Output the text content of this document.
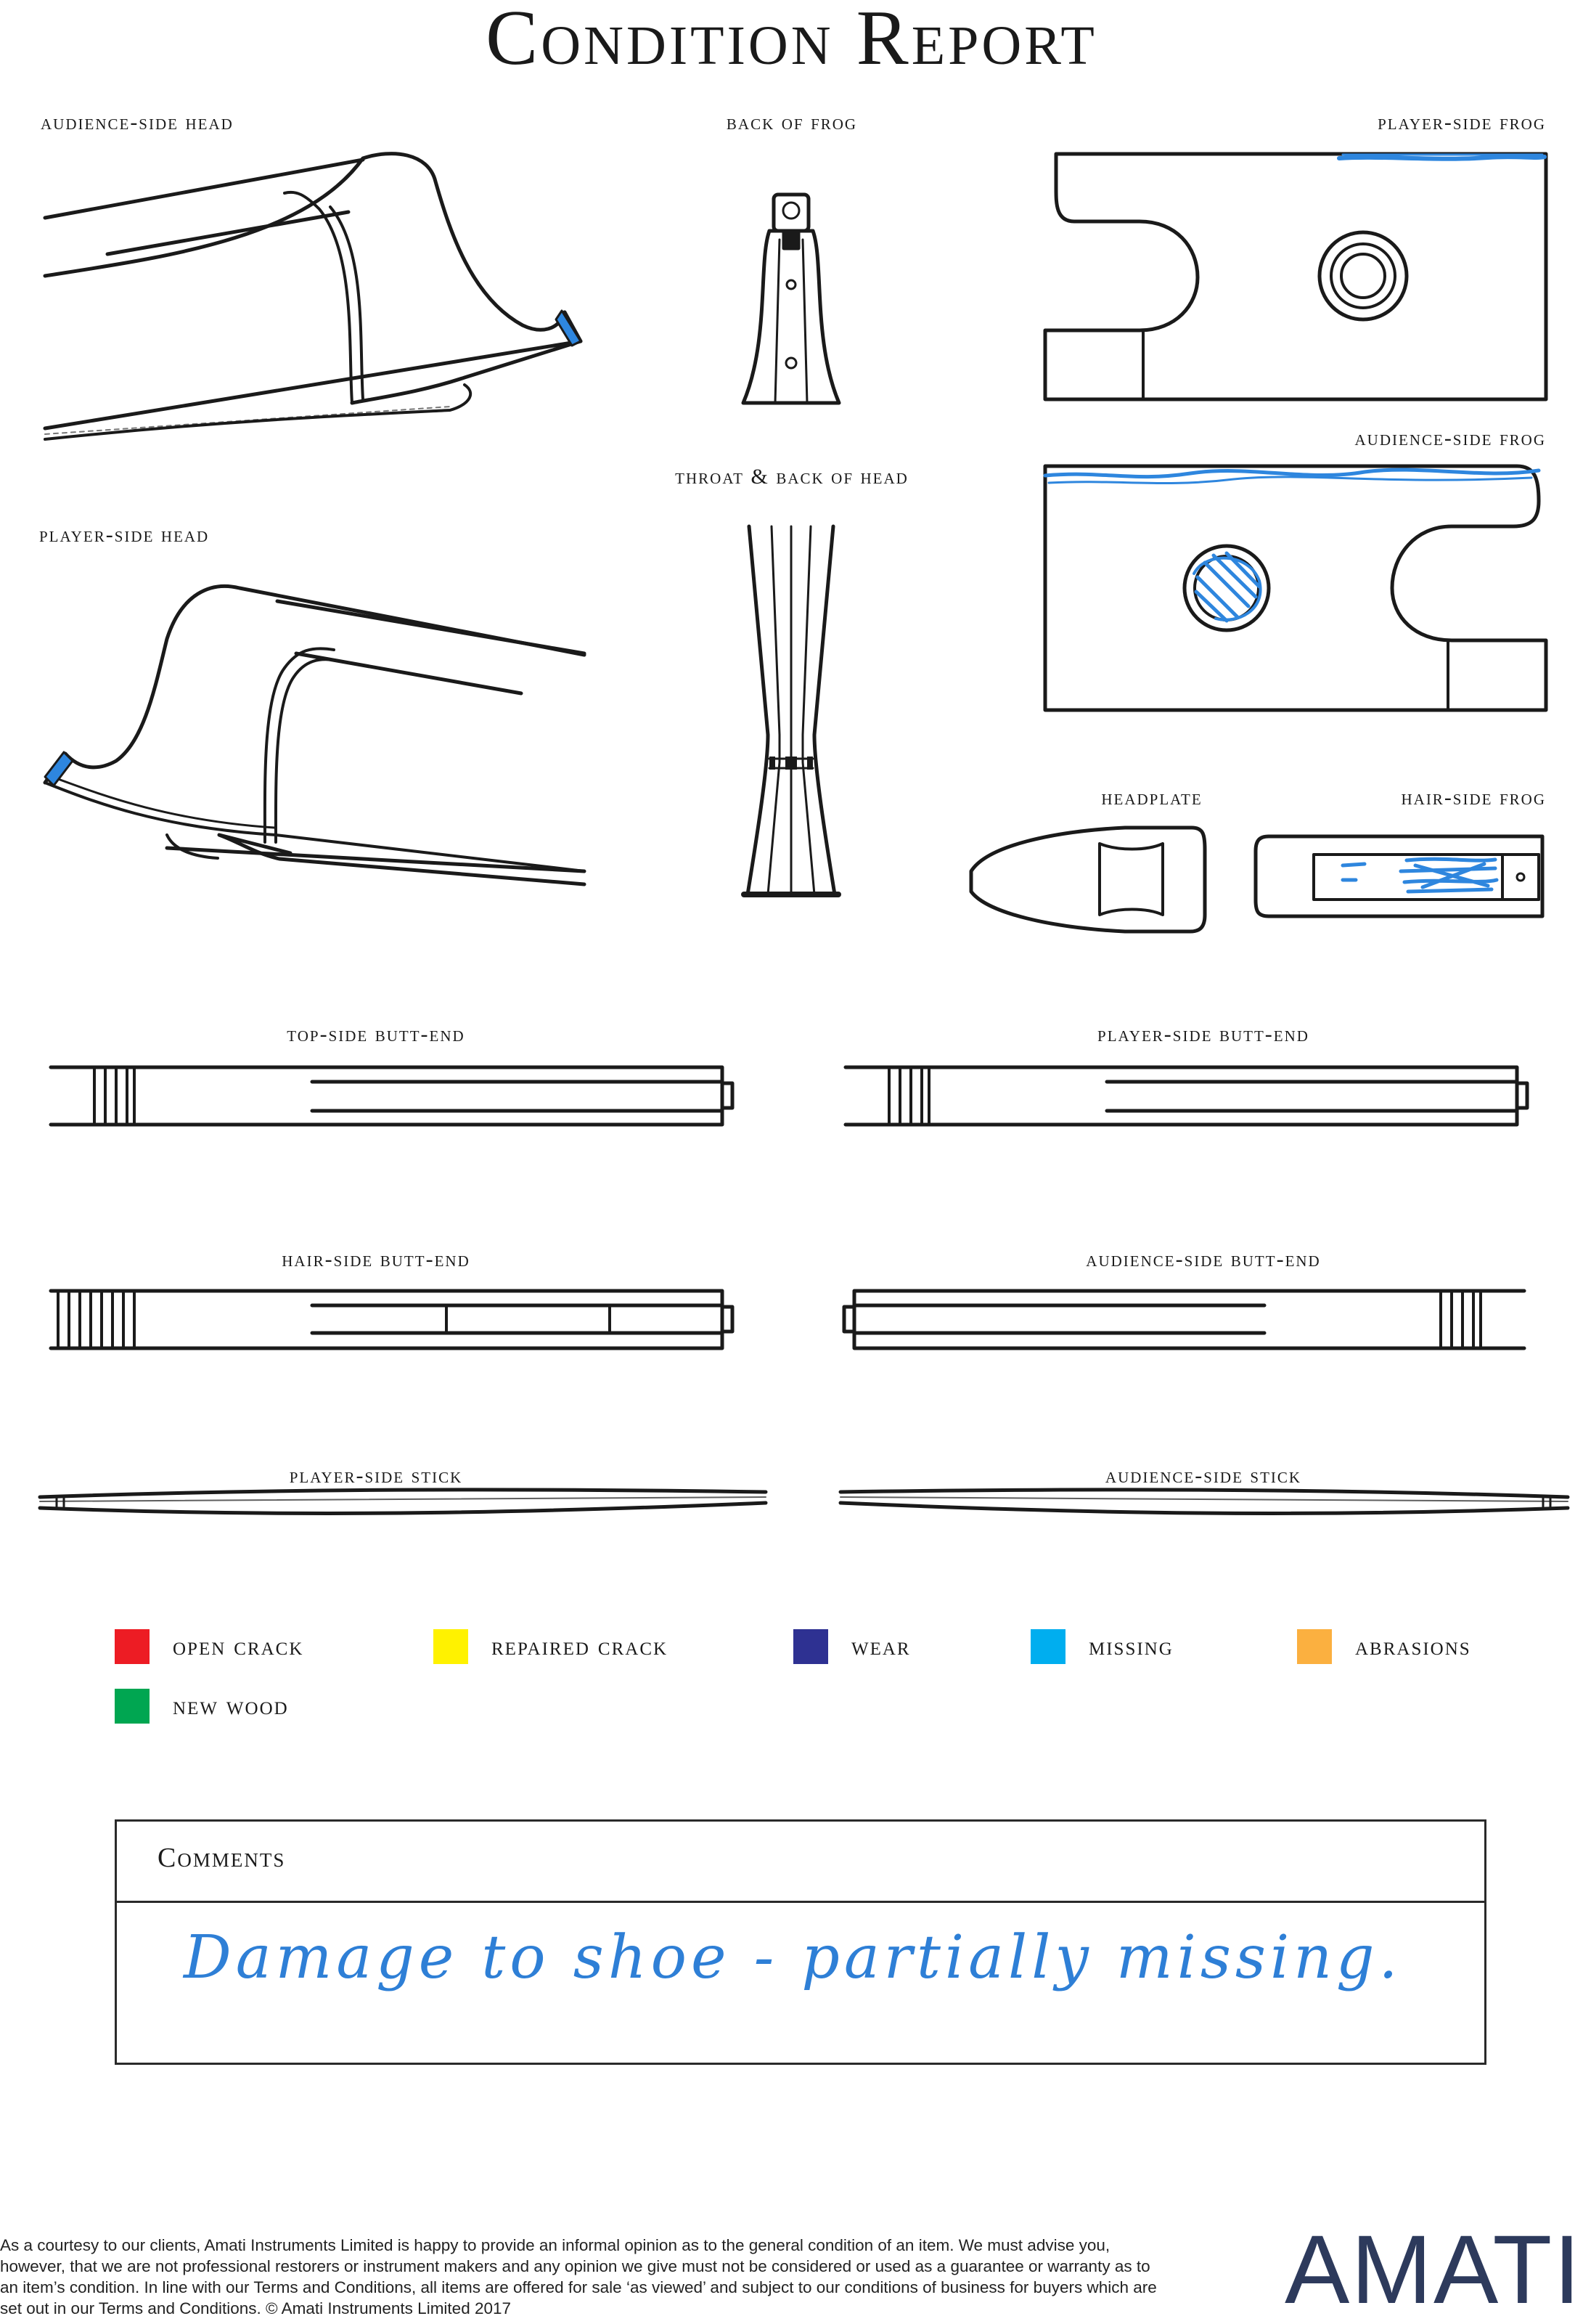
Condition Report
audience-side head	back of frog	player-side frog
audience-side frog
throat & back of head
player-side head
headplate	hair-side frog
top-side butt-end	player-side butt-end
hair-side butt-end	audience-side butt-end
player-side stick	audience-side stick
open crack	repaired crack	wear	missing	abrasions
new wood
Comments
Damage to shoe - partially missing.
As a courtesy to our clients, Amati Instruments Limited is happy to provide an informal opinion as to the general condition of an item. We must advise you, however, that we are not professional restorers or instrument makers and any opinion we give must not be considered or used as a guarantee or warranty as to an item’s condition. In line with our Terms and Conditions, all items are offered for sale ‘as viewed’ and subject to our conditions of business for buyers which are set out in our Terms and Conditions. © Amati Instruments Limited 2017	AMATI
